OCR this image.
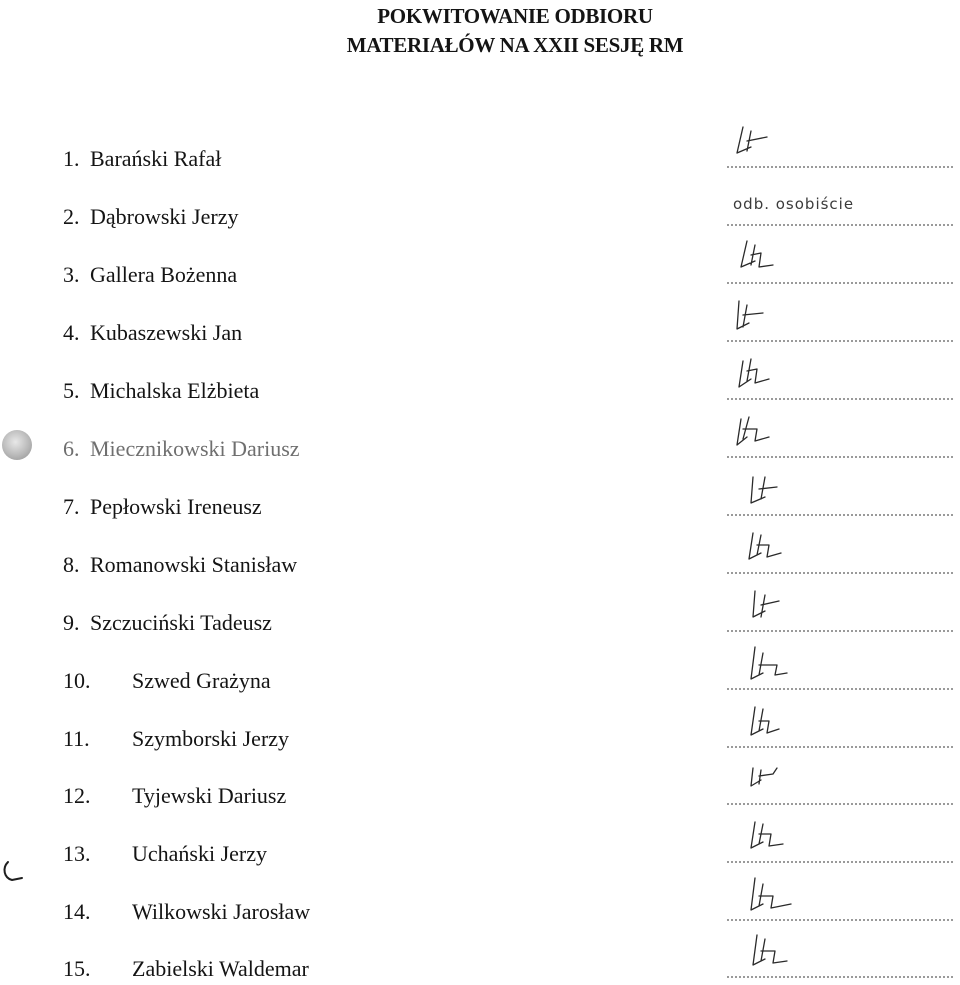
POKWITOWANIE ODBIORU
MATERIAŁÓW NA XXII SESJĘ RM
1. Barański Rafał
2. Dąbrowski Jerzy	odb. osobiście
3. Gallera Bożenna
4. Kubaszewski Jan
5. Michalska Elżbieta
6. Miecznikowski Dariusz
7. Pepłowski Ireneusz
8. Romanowski Stanisław
9. Szczuciński Tadeusz
10. Szwed Grażyna
11. Szymborski Jerzy
12. Tyjewski Dariusz
13. Uchański Jerzy
14. Wilkowski Jarosław
15. Zabielski Waldemar
